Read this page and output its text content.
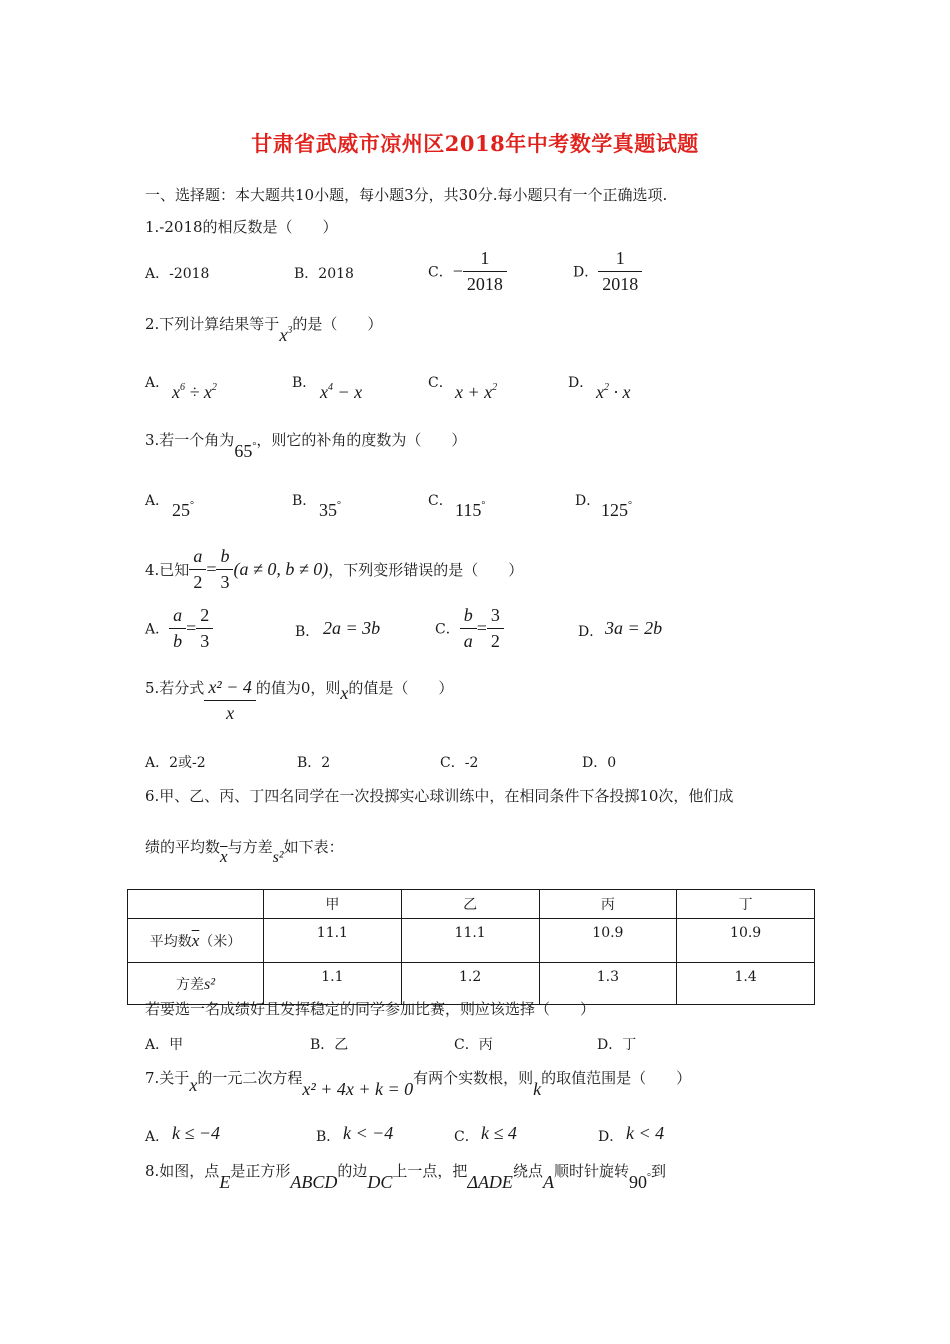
甘肃省武威市凉州区2018年中考数学真题试题
一、选择题：本大题共10小题，每小题3分，共30分.每小题只有一个正确选项.
1.-2018的相反数是（　　）
A．-2018	B．2018	C．− $\frac{1}{2018}$	D． $\frac{1}{2018}$
2.下列计算结果等于$x^3$的是（　　）
A． $x^6 \div x^2$	B． $x^4 - x$	C． $x + x^2$	D． $x^2 \cdot x$
3.若一个角为65°，则它的补角的度数为（　　）
A． 25°	B． 35°	C． 115°	D． 125°
4.已知 $\frac{a}{2} = \frac{b}{3} (a \ne 0$, b ≠ 0)，下列变形错误的是（　　）
A． $\frac{a}{b} = \frac{2}{3}$	B． 2a = 3b	C． $\frac{b}{a} = \frac{3}{2}$	D． 3a = 2b
5.若分式 $\frac{\text{x² − 4}}{x}$ 的值为0，则x的值是（　　）
A．2或-2	B．2	C．-2	D．0
6.甲、乙、丙、丁四名同学在一次投掷实心球训练中，在相同条件下各投掷10次，他们成
绩的平均数$\overline{x}$与方差s²如下表：
	甲	乙	丙	丁
平均数$\overline{x}$（米）	11.1	11.1	10.9	10.9
方差s²	1.1	1.2	1.3	1.4
若要选一名成绩好且发挥稳定的同学参加比赛，则应该选择（　　）
A．甲	B．乙	C．丙	D．丁
7.关于x的一元二次方程x² + 4x + k = 0有两个实数根，则k的取值范围是（　　）
A． k ≤ −4	B． k < −4	C． k ≤ 4	D． k < 4
8.如图，点E是正方形ABCD的边DC上一点，把ΔADE绕点A顺时针旋转90°到
